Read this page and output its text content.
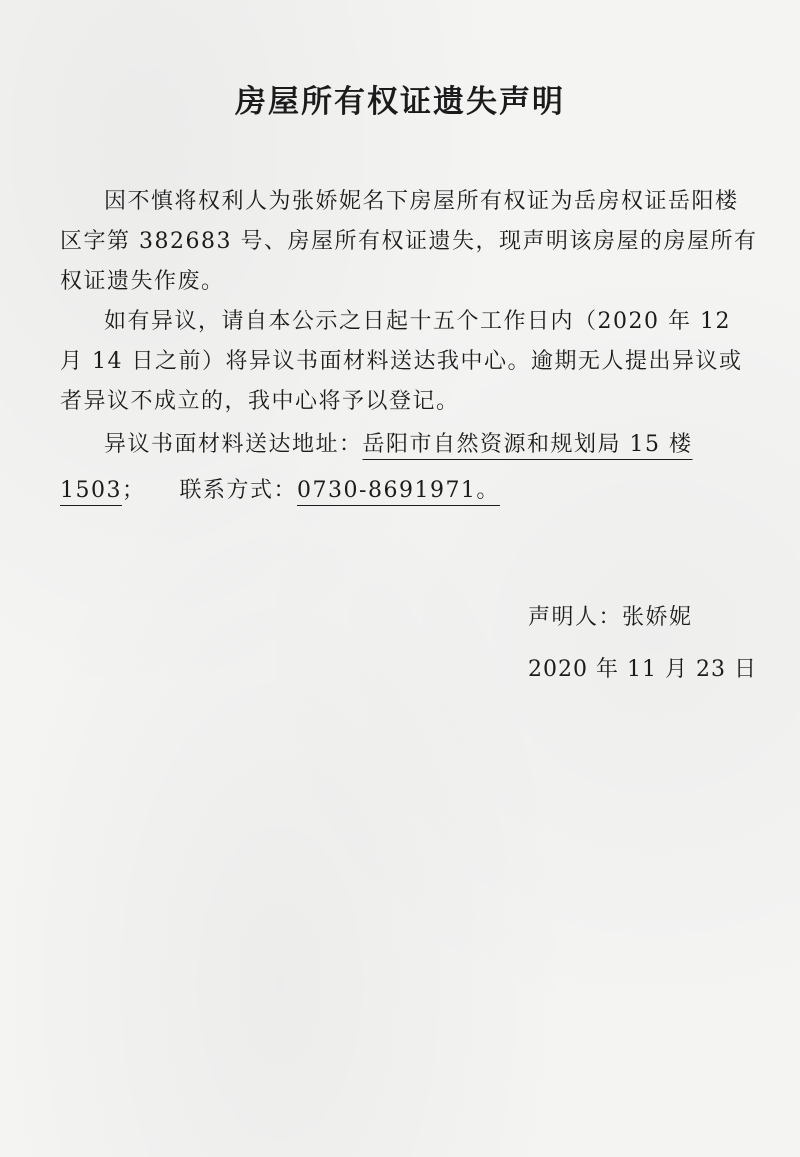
房屋所有权证遗失声明

因不慎将权利人为张娇妮名下房屋所有权证为岳房权证岳阳楼区字第 382683 号、房屋所有权证遗失，现声明该房屋的房屋所有权证遗失作废。

如有异议，请自本公示之日起十五个工作日内（2020 年 12 月 14 日之前）将异议书面材料送达我中心。逾期无人提出异议或者异议不成立的，我中心将予以登记。

异议书面材料送达地址：岳阳市自然资源和规划局 15 楼 1503； 联系方式：0730-8691971。

声明人：张娇妮
2020 年 11 月 23 日
